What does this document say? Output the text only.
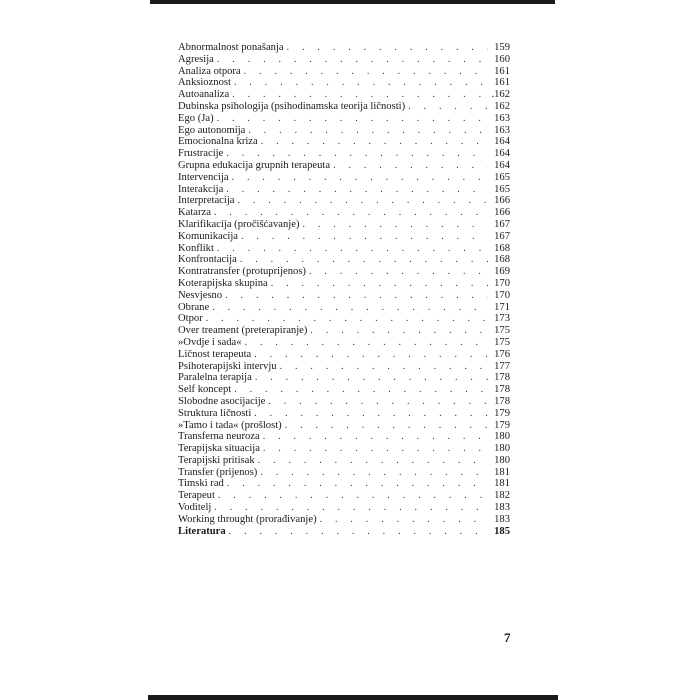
Abnormalnost ponašanja . . .	159
Agresija . . .	160
Analiza otpora . . .	161
Anksioznost . . .	161
Autoanaliza . . .	.162
Dubinska psihologija (psihodinamska teorija ličnosti) . . .	162
Ego (Ja) . . .	163
Ego autonomija . . .	163
Emocionalna kriza . . .	164
Frustracije . . .	164
Grupna edukacija grupnih terapeuta . . .	164
Intervencija . . .	165
Interakcija . . .	165
Interpretacija . . .	166
Katarza . . .	166
Klarifikacija (pročišćavanje) . . .	167
Komunikacija . . .	167
Konflikt . . .	168
Konfrontacija . . .	168
Kontratransfer (protuprijenos) . . .	169
Koterapijska skupina . . .	170
Nesvjesno . . .	170
Obrane . . .	171
Otpor . . .	173
Over treament (preterapiranje) . . .	175
»Ovdje i sada« . . .	175
Ličnost terapeuta . . .	176
Psihoterapijski intervju . . .	177
Paralelna terapija . . .	178
Self koncept . . .	178
Slobodne asocijacije . . .	178
Struktura ličnosti . . .	179
»Tamo i tada« (prošlost) . . .	179
Transferna neuroza . . .	180
Terapijska situacija . . .	180
Terapijski pritisak . . .	180
Transfer (prijenos) . . .	181
Timski rad . . .	181
Terapeut . . .	182
Voditelj . . .	183
Working throught (prorađivanje) . . .	183
Literatura . . .	185
7
